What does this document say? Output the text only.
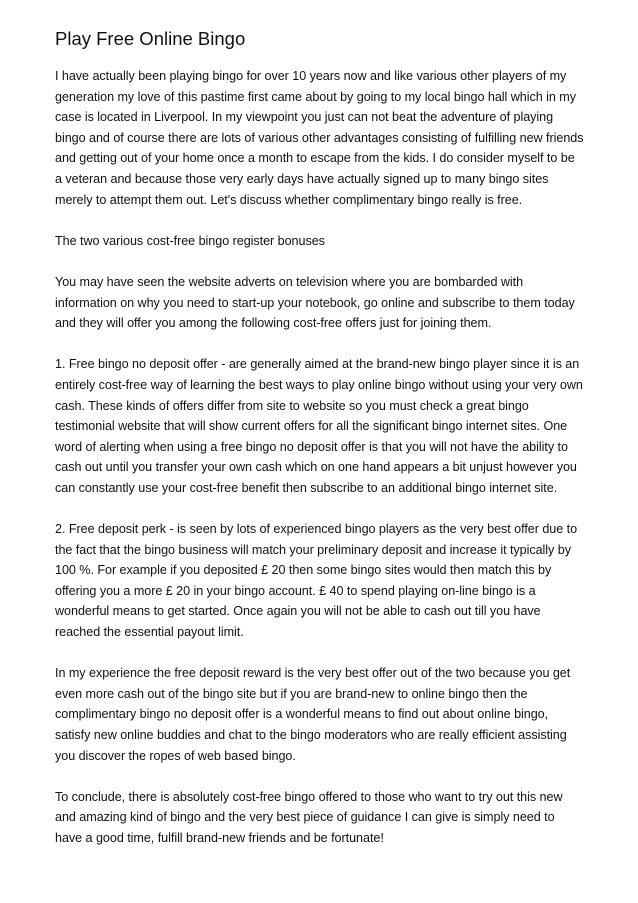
Play Free Online Bingo

I have actually been playing bingo for over 10 years now and like various other players of my generation my love of this pastime first came about by going to my local bingo hall which in my case is located in Liverpool. In my viewpoint you just can not beat the adventure of playing bingo and of course there are lots of various other advantages consisting of fulfilling new friends and getting out of your home once a month to escape from the kids. I do consider myself to be a veteran and because those very early days have actually signed up to many bingo sites merely to attempt them out. Let's discuss whether complimentary bingo really is free.

The two various cost-free bingo register bonuses

You may have seen the website adverts on television where you are bombarded with information on why you need to start-up your notebook, go online and subscribe to them today and they will offer you among the following cost-free offers just for joining them.

1. Free bingo no deposit offer - are generally aimed at the brand-new bingo player since it is an entirely cost-free way of learning the best ways to play online bingo without using your very own cash. These kinds of offers differ from site to website so you must check a great bingo testimonial website that will show current offers for all the significant bingo internet sites. One word of alerting when using a free bingo no deposit offer is that you will not have the ability to cash out until you transfer your own cash which on one hand appears a bit unjust however you can constantly use your cost-free benefit then subscribe to an additional bingo internet site.

2. Free deposit perk - is seen by lots of experienced bingo players as the very best offer due to the fact that the bingo business will match your preliminary deposit and increase it typically by 100 %. For example if you deposited £ 20 then some bingo sites would then match this by offering you a more £ 20 in your bingo account. £ 40 to spend playing on-line bingo is a wonderful means to get started. Once again you will not be able to cash out till you have reached the essential payout limit.

In my experience the free deposit reward is the very best offer out of the two because you get even more cash out of the bingo site but if you are brand-new to online bingo then the complimentary bingo no deposit offer is a wonderful means to find out about online bingo, satisfy new online buddies and chat to the bingo moderators who are really efficient assisting you discover the ropes of web based bingo.

To conclude, there is absolutely cost-free bingo offered to those who want to try out this new and amazing kind of bingo and the very best piece of guidance I can give is simply need to have a good time, fulfill brand-new friends and be fortunate!
